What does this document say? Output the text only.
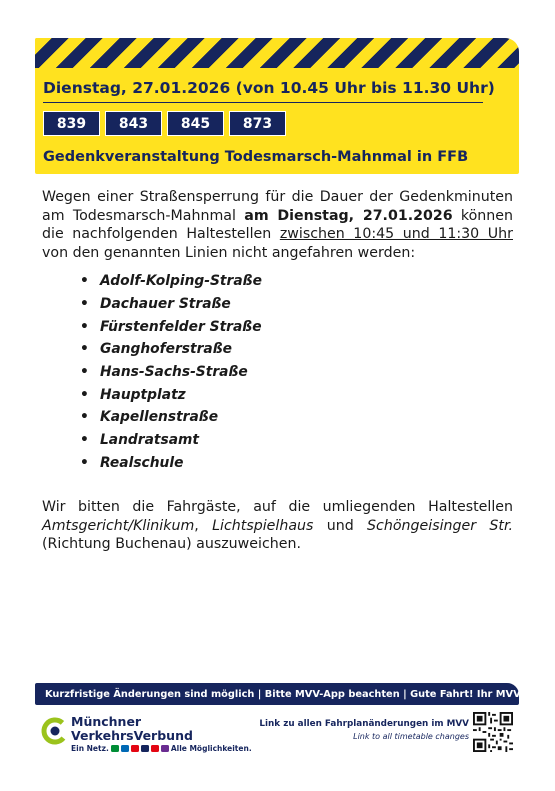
Dienstag, 27.01.2026 (von 10.45 Uhr bis 11.30 Uhr)
839	843	845	873
Gedenkveranstaltung Todesmarsch-Mahnmal in FFB
Wegen einer Straßensperrung für die Dauer der Gedenkminuten am Todesmarsch-Mahnmal am Dienstag, 27.01.2026 können die nachfolgenden Haltestellen zwischen 10:45 und 11:30 Uhr von den genannten Linien nicht angefahren werden:
• Adolf-Kolping-Straße
• Dachauer Straße
• Fürstenfelder Straße
• Ganghoferstraße
• Hans-Sachs-Straße
• Hauptplatz
• Kapellenstraße
• Landratsamt
• Realschule
Wir bitten die Fahrgäste, auf die umliegenden Haltestellen Amtsgericht/Klinikum, Lichtspielhaus und Schöngeisinger Str. (Richtung Buchenau) auszuweichen.
Kurzfristige Änderungen sind möglich | Bitte MVV-App beachten | Gute Fahrt! Ihr MVV.
Münchner
VerkehrsVerbund
Ein Netz.	Alle Möglichkeiten.
Link zu allen Fahrplanänderungen im MVV
Link to all timetable changes
